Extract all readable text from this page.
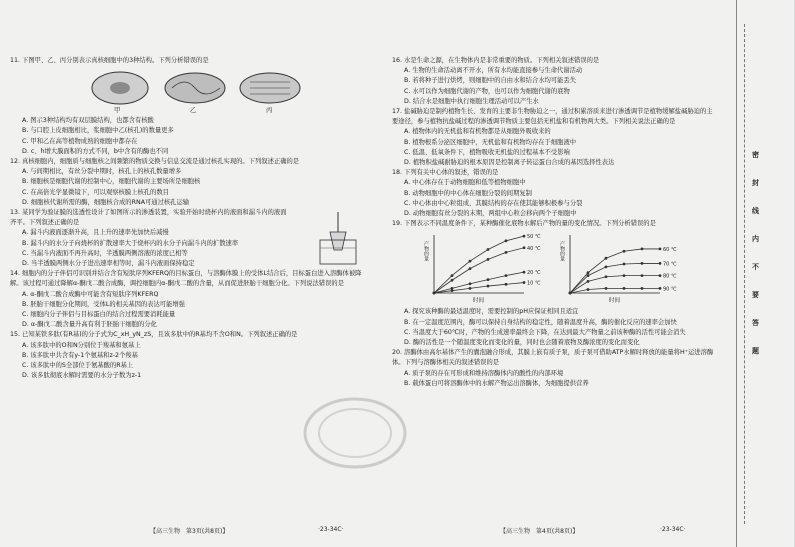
11. 下图甲、乙、丙分别表示真核细胞中的3种结构。下列分析错误的是
甲	乙	丙
A. 图示3种结构均有双层膜结构，也都含有核酸
B. 与口腔上皮细胞相比，浆细胞中乙(核孔)的数量更多
C. 甲和乙在高等植物成熟的细胞中都存在
D. c、h增大膜面积的方式不同，b中含有的酶也不同
12. 真核细胞内，细胞质与细胞核之间频繁的物质交换与信息交流是通过核孔实现的。下列叙述正确的是
A. 与间期相比，有丝分裂中期时，核孔上的核孔数量增多
B. 细胞核是细胞代谢的控制中心，细胞代谢的主要场所是细胞核
C. 在高倍光学显微镜下，可以观察核膜上核孔的数目
D. 细胞核代谢所需的酶，细胞核合成的RNA可通过核孔运输
13. 某同学为验证膜的选透性设计了如图所示的渗透装置，实验开始时烧杯内的液面和漏斗内的液面齐平。下列叙述正确的是
A. 漏斗内液面逐渐升高，且上升的速率先加快后减慢
B. 漏斗内的水分子向烧杯的扩散速率大于烧杯内的水分子向漏斗内的扩散速率
C. 当漏斗内液面不再升高时，半透膜两侧溶液的浓度已相等
D. 当半透膜两侧水分子进出速率相等时，漏斗内液面保持稳定
14. 细胞内的分子伴侣可识别并结合含有短肽序列KFERQ的目标蛋白，与溶酶体膜上的受体L结合后，目标蛋白进入溶酶体被降解。该过程可通过降解α-酮戊二酸合成酶，调控细胞内α-酮戊二酸的含量，从而促进胚胎干细胞分化。下列说法错误的是
A. α-酮戊二酸合成酶中可能含有短肽序列KFERQ
B. 胚胎干细胞分化期间，受体L的相关基因的表达可能增强
C. 细胞内分子伴侣与目标蛋白的结合过程需要消耗能量
D. α-酮戊二酸含量升高有利于胚胎干细胞的分化
15. 已知某铁多肽(有R基)的分子式为C_xH_yN_zS，且该多肽中的R基均不含O和N。下列叙述正确的是
A. 该多肽中的O和N分别位于羧基和氨基上
B. 该多肽中共含有y-1个氨基和z-2个羧基
C. 该多肽中的S全部位于氨基酸的R基上
D. 该多肽彻底水解时需要的水分子数为z-1
【高三生物　第3页(共8页)】	·23-34C·
16. 水是生命之源，在生物体内是非常重要的物质。下列相关叙述错误的是
A. 生物的生命活动离不开水，所有水均能直接参与生命代谢活动
B. 若将种子进行烘烤，则细胞中的自由水和结合水均可能丢失
C. 水可以作为细胞代谢的产物，也可以作为细胞代谢的底物
D. 结合水是细胞中执行细胞生理活动可以产生水
17. 盐碱胁迫是制约植物生长、发育的主要非生物胁迫之一，通过积累溶质来进行渗透调节是植物缓解盐碱胁迫的主要途径，参与植物抗盐碱过程的渗透调节物质主要包括无机盐和有机物两大类。下列相关说法正确的是
A. 植物体内的无机盐和有机物都是从细胞外吸收来的
B. 植物根系分泌区细胞中，无机盐和有机物均存在于细胞液中
C. 低温、低氧条件下，植物吸收无机盐的过程基本不受影响
D. 植物积盐碱耐胁迫的根本原因是控制离子转运蛋白合成的基因选择性表达
18. 下列有关中心体的叙述，错误的是
A. 中心体存在于动物细胞和低等植物细胞中
B. 动物细胞中的中心体在细胞分裂的间期复制
C. 中心体由中心粒组成，其膜结构的存在使其能够积极参与分裂
D. 动物细胞有丝分裂的末期，两组中心粒会移向两个子细胞中
19. 下图表示不同温度条件下，某种酶催化底物水解后产物的量的变化情况。下列分析错误的是
产物的量
时间
50 ℃
40 ℃
20 ℃
10 ℃
产物的量
时间
60 ℃
70 ℃
80 ℃
90 ℃
A. 探究该种酶的最适温度时，需要控制的pH应保证相同且适宜
B. 在一定温度范围内，酶可以保持自身结构的稳定性，随着温度升高，酶的催化反应的速率会加快
C. 当温度大于60℃时，产物的生成速率最终会下降，在达到最大产物量之前该种酶的活性可能会消失
D. 酶的活性是一个随温度变化而变化的量，同时也会随着底物及酶浓度的变化而变化
20. 溶酶体由高尔基体产生的囊泡融合形成，其膜上嵌有质子泵，质子泵可借助ATP水解时释放的能量将H⁺运进溶酶体。下列与溶酶体相关的叙述错误的是
A. 质子泵的存在可形成和维持溶酶体内的酸性的内部环境
B. 载体蛋白可将溶酶体中的水解产物运出溶酶体，为细胞提供营养
【高三生物　第4页(共8页)】	·23-34C·
密
封
线
内
不
要
答
题
